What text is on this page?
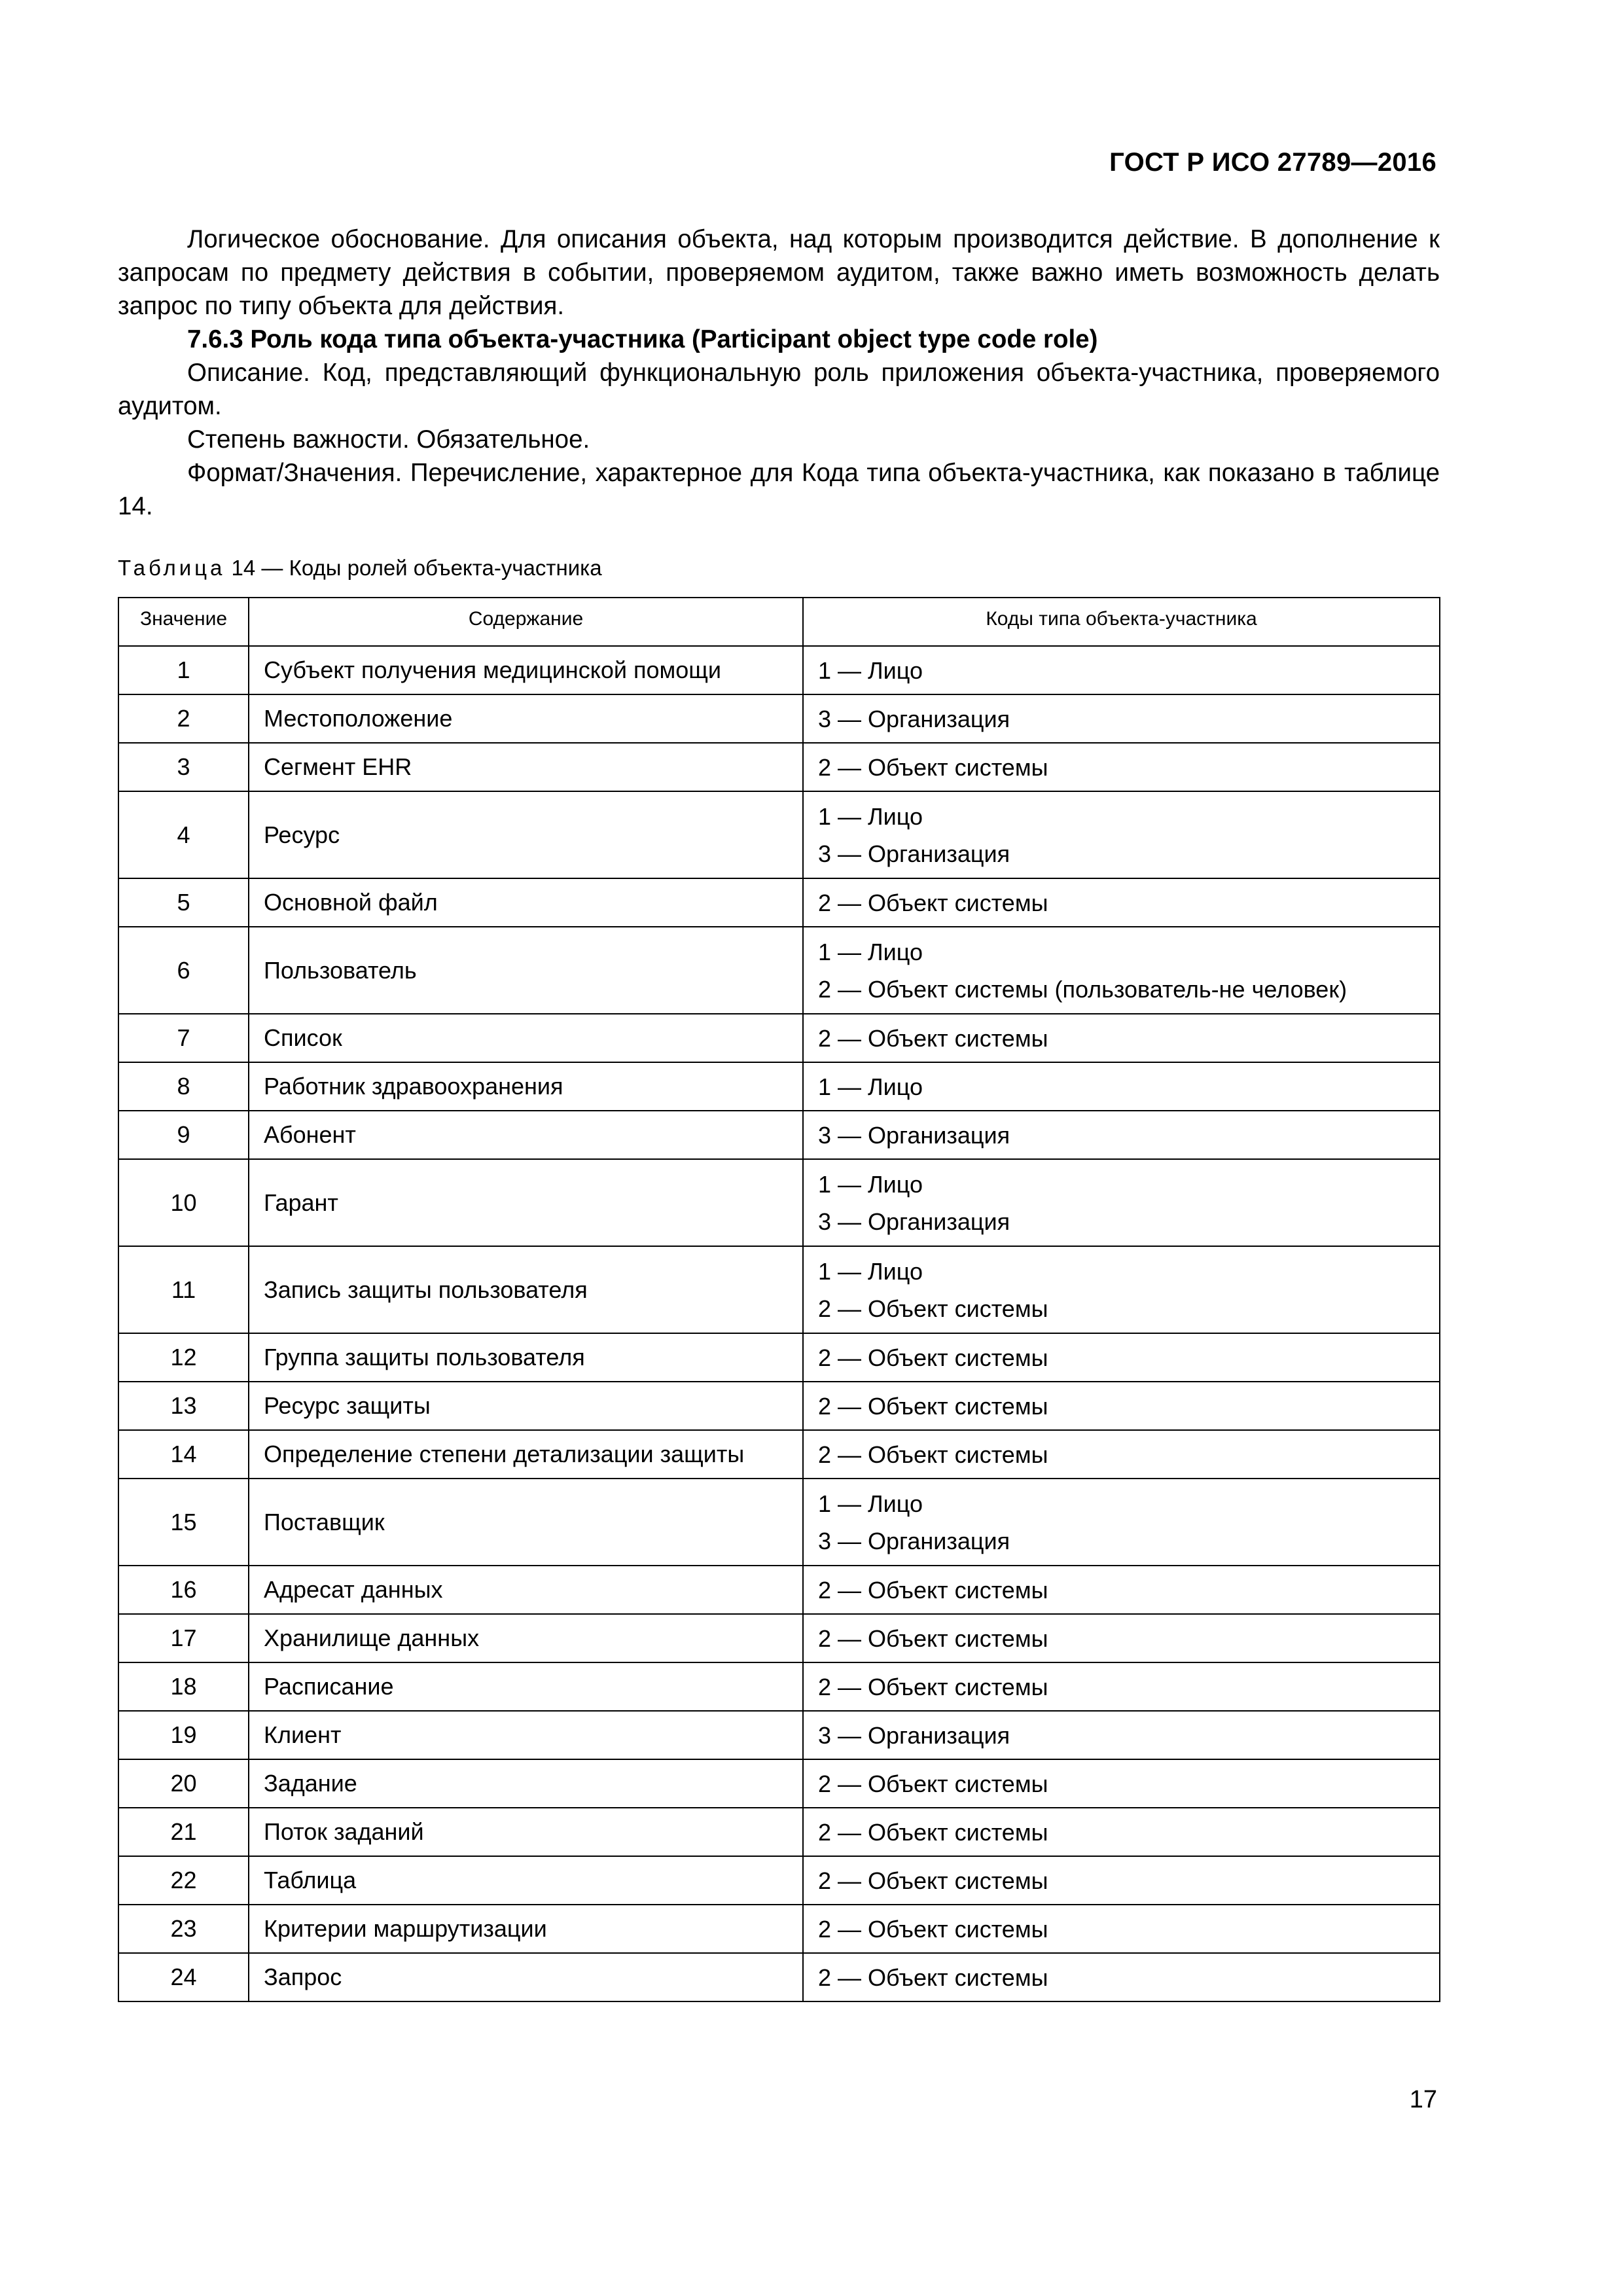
ГОСТ Р ИСО 27789—2016

Логическое обоснование. Для описания объекта, над которым производится действие. В дополнение к запросам по предмету действия в событии, проверяемом аудитом, также важно иметь возможность делать запрос по типу объекта для действия.

7.6.3 Роль кода типа объекта-участника (Participant object type code role)

Описание. Код, представляющий функциональную роль приложения объекта-участника, проверяемого аудитом.

Степень важности. Обязательное.

Формат/Значения. Перечисление, характерное для Кода типа объекта-участника, как показано в таблице 14.

Таблица 14 — Коды ролей объекта-участника
Значение	Содержание	Коды типа объекта-участника

1	Субъект получения медицинской помощи	1 — Лицо

2	Местоположение	3 — Организация

3	Сегмент EHR	2 — Объект системы

4	Ресурс	1 — Лицо
3 — Организация

5	Основной файл	2 — Объект системы

6	Пользователь	1 — Лицо
2 — Объект системы (пользователь-не человек)

7	Список	2 — Объект системы

8	Работник здравоохранения	1 — Лицо

9	Абонент	3 — Организация

10	Гарант	1 — Лицо
3 — Организация

11	Запись защиты пользователя	1 — Лицо
2 — Объект системы

12	Группа защиты пользователя	2 — Объект системы

13	Ресурс защиты	2 — Объект системы

14	Определение степени детализации защиты	2 — Объект системы

15	Поставщик	1 — Лицо
3 — Организация

16	Адресат данных	2 — Объект системы

17	Хранилище данных	2 — Объект системы

18	Расписание	2 — Объект системы

19	Клиент	3 — Организация

20	Задание	2 — Объект системы

21	Поток заданий	2 — Объект системы

22	Таблица	2 — Объект системы

23	Критерии маршрутизации	2 — Объект системы

24	Запрос	2 — Объект системы
17
